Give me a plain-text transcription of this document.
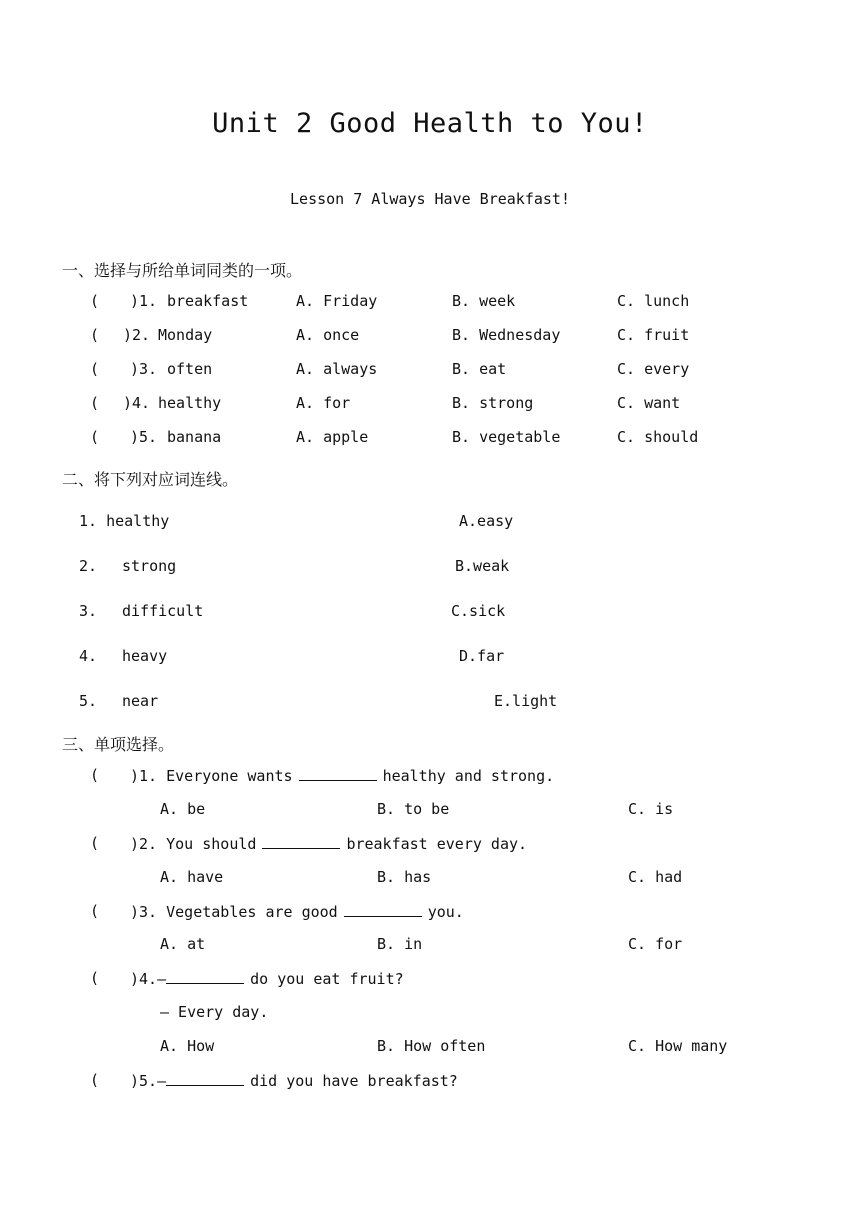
Unit 2 Good Health to You!
Lesson 7 Always Have Breakfast!
一、选择与所给单词同类的一项。
( )1. breakfast	A. Friday	B. week	C. lunch
( )2. Monday	A. once	B. Wednesday	C. fruit
( )3. often	A. always	B. eat	C. every
( )4. healthy	A. for	B. strong	C. want
( )5. banana	A. apple	B. vegetable	C. should
二、将下列对应词连线。
1. healthy	A.easy
2. strong	B.weak
3. difficult	C.sick
4. heavy	D.far
5. near	E.light
三、单项选择。
( )1. Everyone wants	healthy and strong.
A. be	B. to be	C. is
( )2. You should	breakfast every day.
A. have	B. has	C. had
( )3. Vegetables are good	you.
A. at	B. in	C. for
( )4.—	do you eat fruit?
— Every day.
A. How	B. How often	C. How many
( )5.—	did you have breakfast?
